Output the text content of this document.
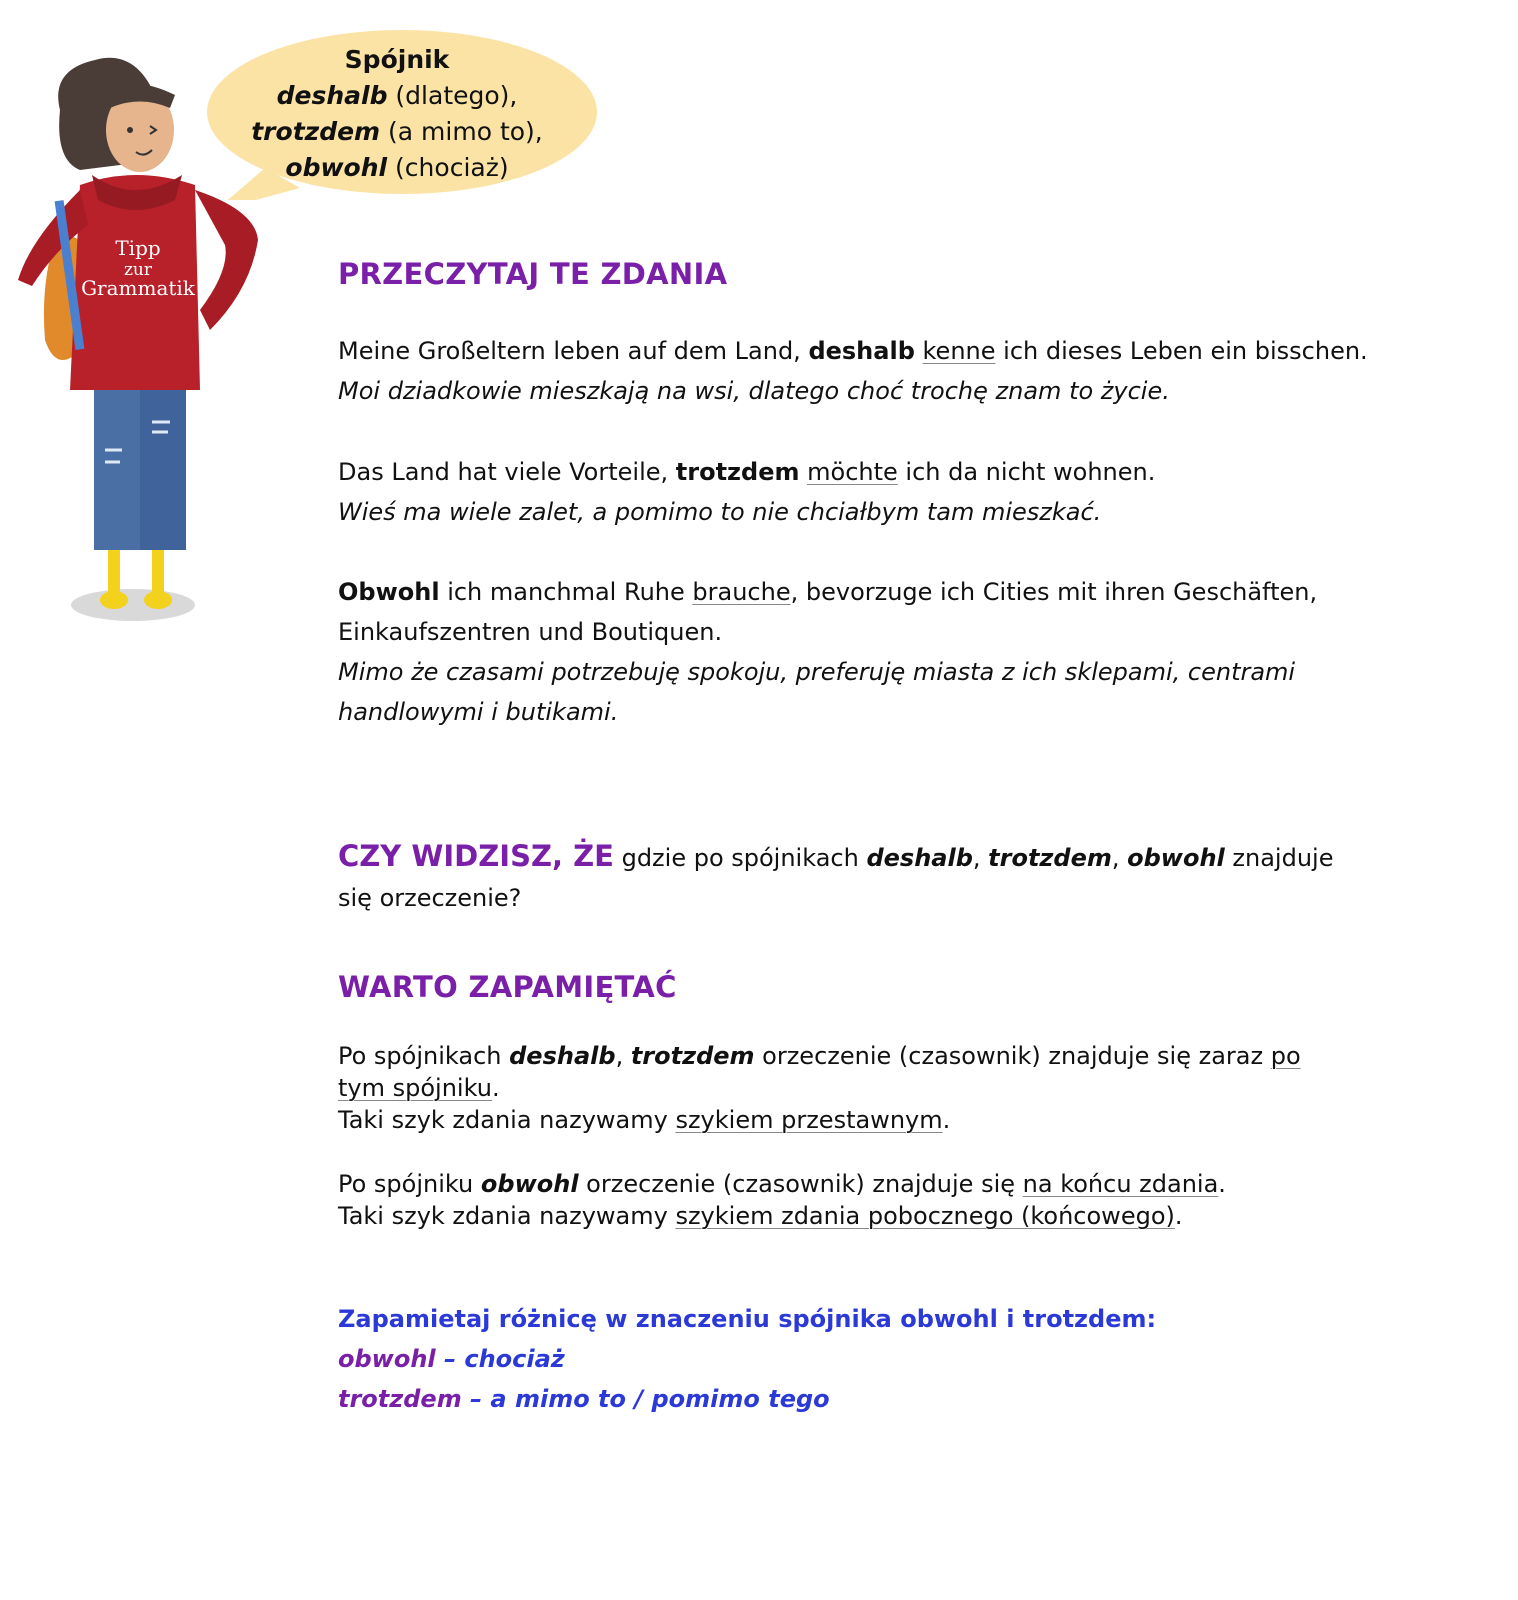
Tipp
zur
Grammatik
Spójnik
deshalb (dlatego),
trotzdem (a mimo to),
obwohl (chociaż)
PRZECZYTAJ TE ZDANIA
Meine Großeltern leben auf dem Land, deshalb kenne ich dieses Leben ein bisschen.
Moi dziadkowie mieszkają na wsi, dlatego choć trochę znam to życie.
Das Land hat viele Vorteile, trotzdem möchte ich da nicht wohnen.
Wieś ma wiele zalet, a pomimo to nie chciałbym tam mieszkać.
Obwohl ich manchmal Ruhe brauche, bevorzuge ich Cities mit ihren Geschäften, Einkaufszentren und Boutiquen.
Mimo że czasami potrzebuję spokoju, preferuję miasta z ich sklepami, centrami handlowymi i butikami.
CZY WIDZISZ, ŻE gdzie po spójnikach deshalb, trotzdem, obwohl znajduje się orzeczenie?
WARTO ZAPAMIĘTAĆ
Po spójnikach deshalb, trotzdem orzeczenie (czasownik) znajduje się zaraz po tym spójniku.
Taki szyk zdania nazywamy szykiem przestawnym.
Po spójniku obwohl orzeczenie (czasownik) znajduje się na końcu zdania.
Taki szyk zdania nazywamy szykiem zdania pobocznego (końcowego).
Zapamietaj różnicę w znaczeniu spójnika obwohl i trotzdem:
obwohl – chociaż
trotzdem – a mimo to / pomimo tego
